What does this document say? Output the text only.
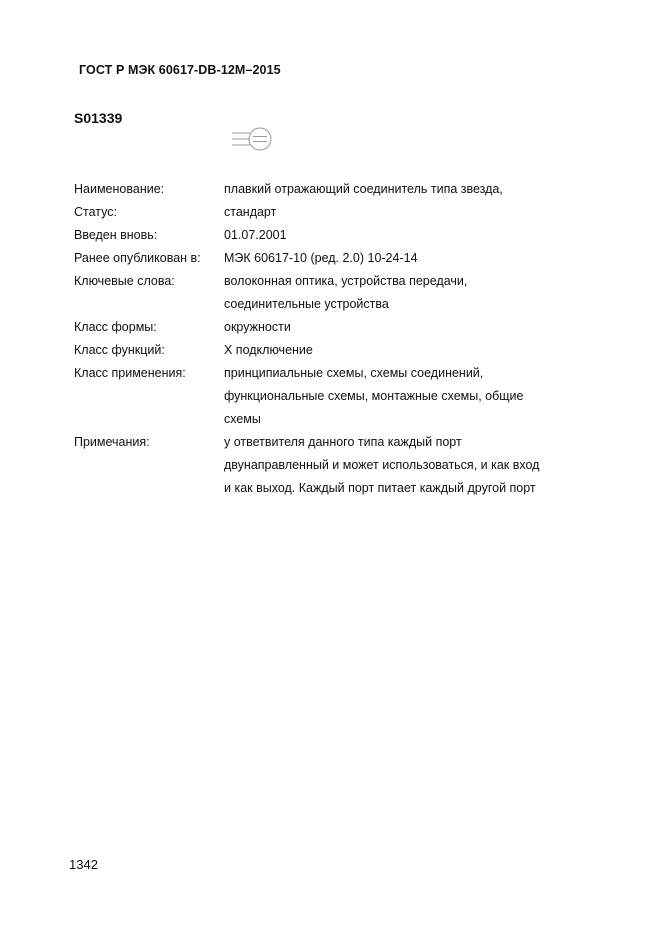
ГОСТ Р МЭК 60617-DB-12M–2015
S01339
Наименование:	плавкий отражающий соединитель типа звезда,

Статус:	стандарт

Введен вновь:	01.07.2001

Ранее опубликован в:	МЭК 60617-10 (ред. 2.0) 10-24-14

Ключевые слова:	волоконная оптика, устройства передачи,
соединительные устройства

Класс формы:	окружности

Класс функций:	X подключение

Класс применения:	принципиальные схемы, схемы соединений,
функциональные схемы, монтажные схемы, общие
схемы

Примечания:	у ответвителя данного типа каждый порт
двунаправленный и может использоваться, и как вход
и как выход. Каждый порт питает каждый другой порт
1342
